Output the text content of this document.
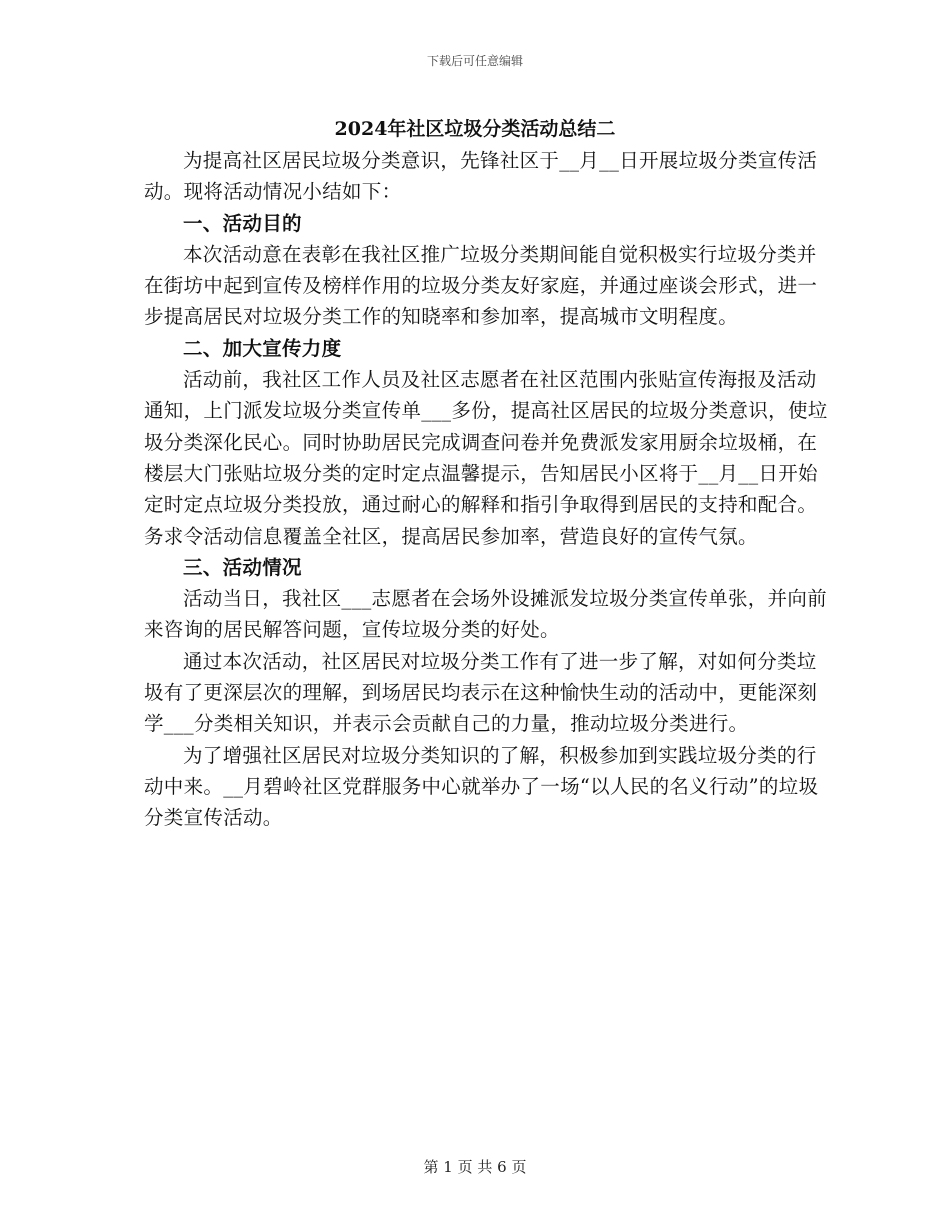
下载后可任意编辑
2024年社区垃圾分类活动总结二

为提高社区居民垃圾分类意识，先锋社区于__月__日开展垃圾分类宣传活动。现将活动情况小结如下：

一、活动目的

本次活动意在表彰在我社区推广垃圾分类期间能自觉积极实行垃圾分类并在街坊中起到宣传及榜样作用的垃圾分类友好家庭，并通过座谈会形式，进一步提高居民对垃圾分类工作的知晓率和参加率，提高城市文明程度。

二、加大宣传力度

活动前，我社区工作人员及社区志愿者在社区范围内张贴宣传海报及活动通知，上门派发垃圾分类宣传单___多份，提高社区居民的垃圾分类意识，使垃圾分类深化民心。同时协助居民完成调查问卷并免费派发家用厨余垃圾桶，在楼层大门张贴垃圾分类的定时定点温馨提示，告知居民小区将于__月__日开始定时定点垃圾分类投放，通过耐心的解释和指引争取得到居民的支持和配合。务求令活动信息覆盖全社区，提高居民参加率，营造良好的宣传气氛。

三、活动情况

活动当日，我社区___志愿者在会场外设摊派发垃圾分类宣传单张，并向前来咨询的居民解答问题，宣传垃圾分类的好处。

通过本次活动，社区居民对垃圾分类工作有了进一步了解，对如何分类垃圾有了更深层次的理解，到场居民均表示在这种愉快生动的活动中，更能深刻学___分类相关知识，并表示会贡献自己的力量，推动垃圾分类进行。

为了增强社区居民对垃圾分类知识的了解，积极参加到实践垃圾分类的行动中来。__月碧岭社区党群服务中心就举办了一场“以人民的名义行动”的垃圾分类宣传活动。

第 1 页 共 6 页
